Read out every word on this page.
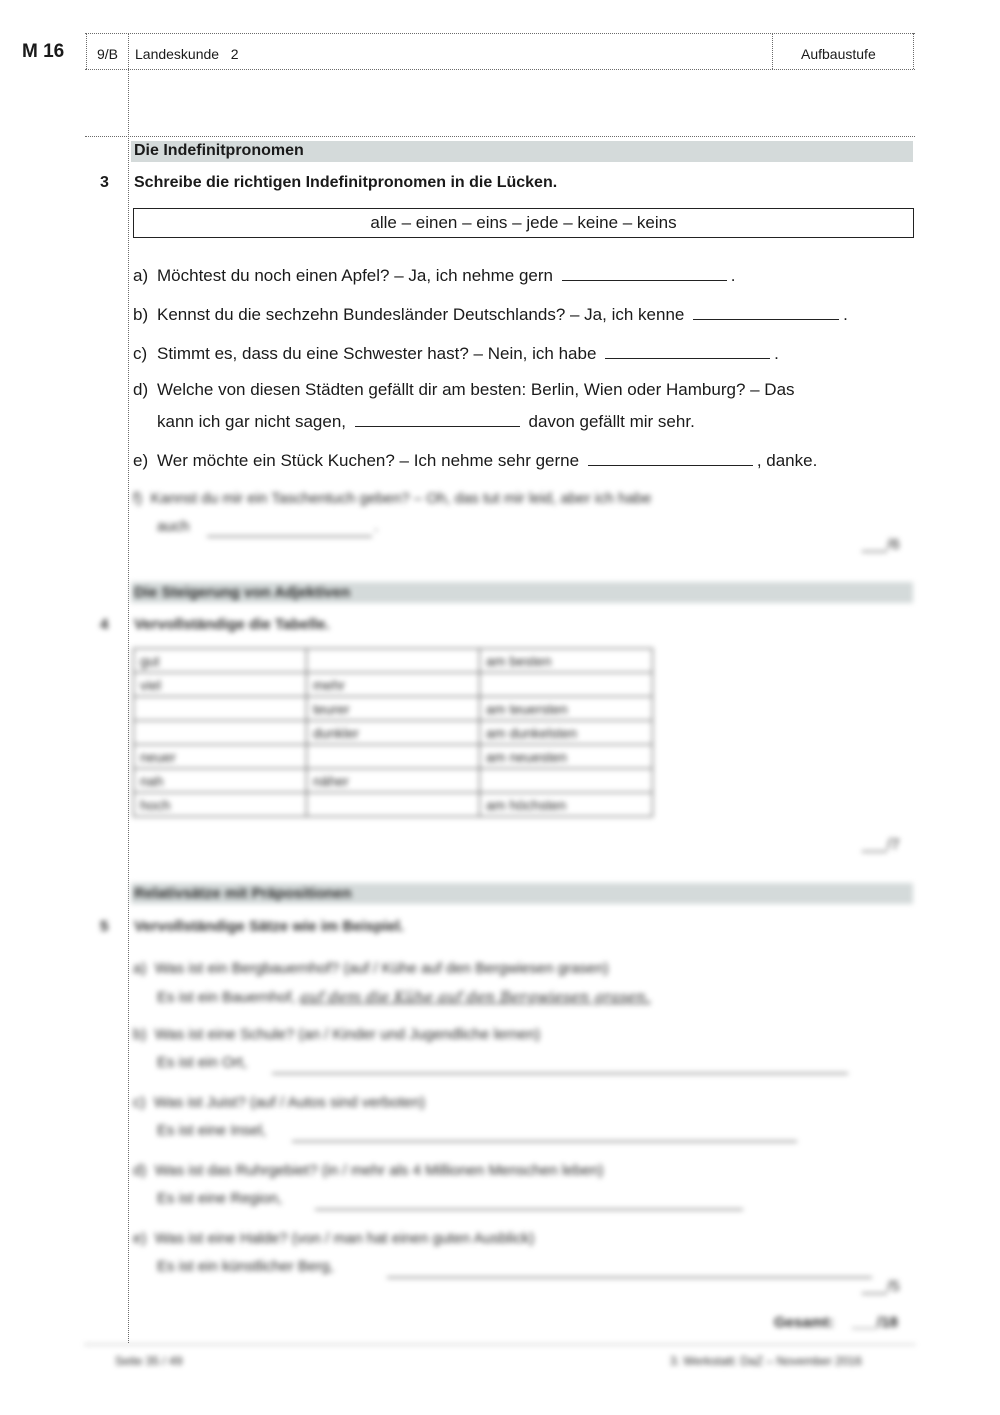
M 16 9/B Landeskunde   2	Aufbaustufe
Die Indefinitpronomen
3 Schreibe die richtigen Indefinitpronomen in die Lücken.
alle – einen – eins – jede – keine – keins
a) Möchtest du noch einen Apfel? – Ja, ich nehme gern	.
b) Kennst du die sechzehn Bundesländer Deutschlands? – Ja, ich kenne	.
c) Stimmt es, dass du eine Schwester hast? – Nein, ich habe	.
d) Welche von diesen Städten gefällt dir am besten: Berlin, Wien oder Hamburg? – Das
kann ich gar nicht sagen,	davon gefällt mir sehr.
e) Wer möchte ein Stück Kuchen? – Ich nehme sehr gerne	, danke.
f) Kannst du mir ein Taschentuch geben? – Oh, das tut mir leid, aber ich habe
auch	.
___/6
Die Steigerung von Adjektiven
4 Vervollständige die Tabelle.
gut		am besten
viel	mehr	
	teurer	am teuersten
	dunkler	am dunkelsten
neuer		am neuesten
nah	näher	
hoch		am höchsten
___/7
Relativsätze mit Präpositionen
5 Vervollständige Sätze wie im Beispiel.
a) Was ist ein Bergbauernhof? (auf / Kühe auf den Bergwiesen grasen)
Es ist ein Bauernhof, auf dem die Kühe auf den Bergwiesen grasen.
b) Was ist eine Schule? (an / Kinder und Jugendliche lernen)
Es ist ein Ort,
c) Was ist Juist? (auf / Autos sind verboten)
Es ist eine Insel,
d) Was ist das Ruhrgebiet? (in / mehr als 4 Millionen Menschen leben)
Es ist eine Region,
e) Was ist eine Halde? (von / man hat einen guten Ausblick)
Es ist ein künstlicher Berg,
___/5
Gesamt: ___/18
Seite 35 / 49	3. Werkstatt: DaZ – November 2016
